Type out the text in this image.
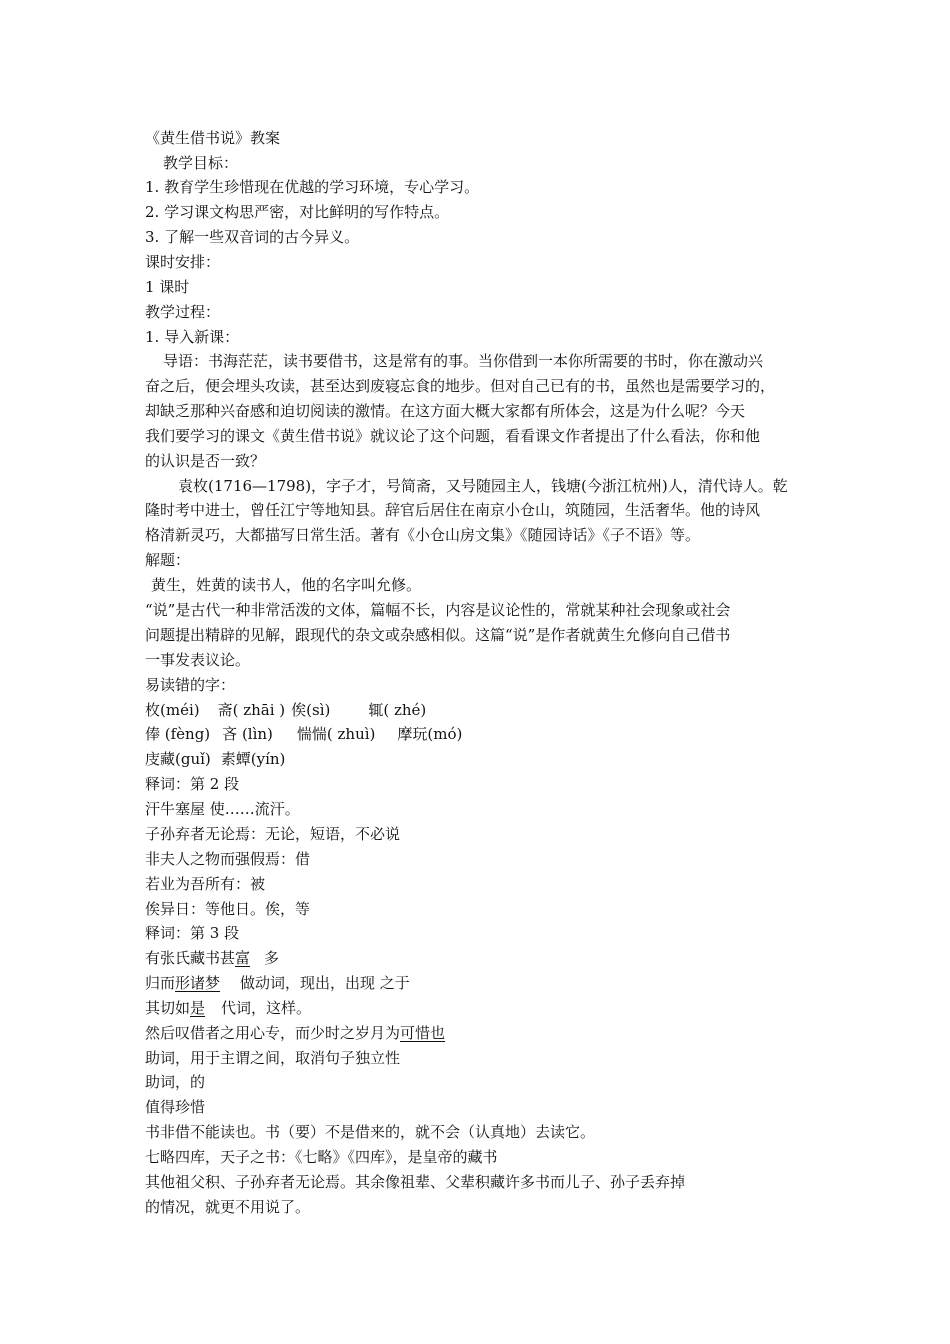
《黄生借书说》教案
教学目标：
1. 教育学生珍惜现在优越的学习环境，专心学习。
2. 学习课文构思严密，对比鲜明的写作特点。
3. 了解一些双音词的古今异义。
课时安排：
1 课时
教学过程：
1. 导入新课：
导语：书海茫茫，读书要借书，这是常有的事。当你借到一本你所需要的书时，你在激动兴
奋之后，便会埋头攻读，甚至达到废寝忘食的地步。但对自己已有的书，虽然也是需要学习的，
却缺乏那种兴奋感和迫切阅读的激情。在这方面大概大家都有所体会，这是为什么呢？今天
我们要学习的课文《黄生借书说》就议论了这个问题，看看课文作者提出了什么看法，你和他
的认识是否一致？
袁枚(1716—1798)，字子才，号简斋，又号随园主人，钱塘(今浙江杭州)人，清代诗人。乾
隆时考中进士，曾任江宁等地知县。辞官后居住在南京小仓山，筑随园，生活奢华。他的诗风
格清新灵巧，大都描写日常生活。著有《小仓山房文集》《随园诗话》《子不语》等。
解题：
黄生，姓黄的读书人，他的名字叫允修。
“说”是古代一种非常活泼的文体，篇幅不长，内容是议论性的，常就某种社会现象或社会
问题提出精辟的见解，跟现代的杂文或杂感相似。这篇“说”是作者就黄生允修向自己借书
一事发表议论。
易读错的字：
枚(méi) 斋( zhāi ) 俟(sì)	辄( zhé)
俸 (fèng) 吝 (lìn) 惴惴( zhuì) 摩玩(mó)
庋藏(guǐ) 素蟫(yín)
释词：第 2 段
汗牛塞屋 使……流汗。
子孙弃者无论焉：无论，短语，不必说
非夫人之物而强假焉：借
若业为吾所有：被
俟异日：等他日。俟，等
释词：第 3 段
有张氏藏书甚富 多
归而形诸梦 做动词，现出，出现 之于
其切如是 代词，这样。
然后叹借者之用心专，而少时之岁月为可惜也
助词，用于主谓之间，取消句子独立性
助词，的
值得珍惜
书非借不能读也。书（要）不是借来的，就不会（认真地）去读它。
七略四库，天子之书：《七略》《四库》，是皇帝的藏书
其他祖父积、子孙弃者无论焉。其余像祖辈、父辈积藏许多书而儿子、孙子丢弃掉
的情况，就更不用说了。
